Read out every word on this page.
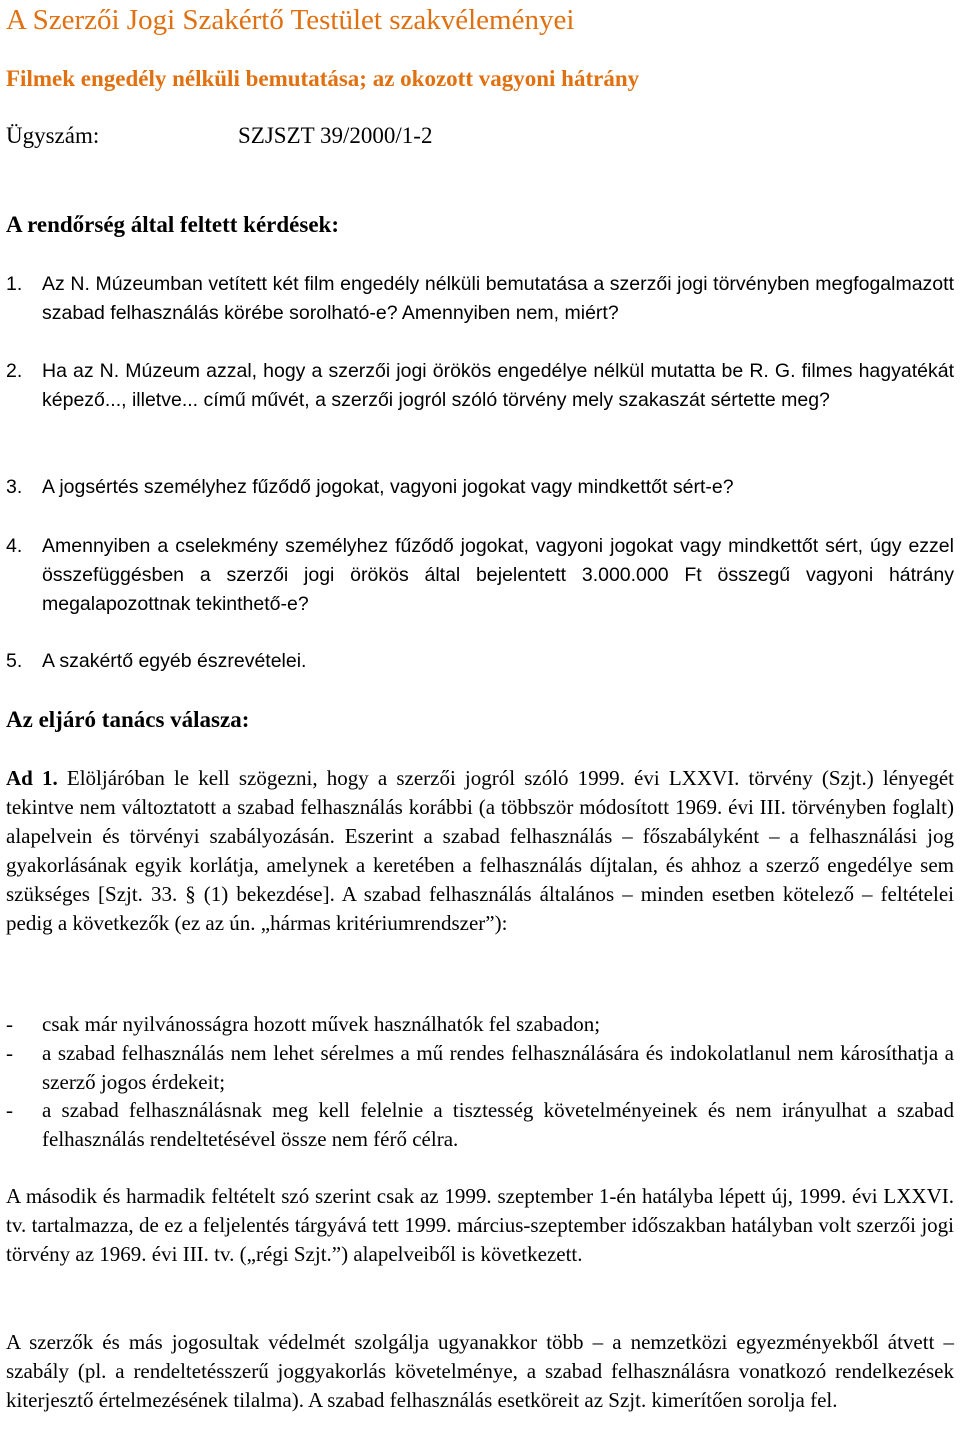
A Szerzői Jogi Szakértő Testület szakvéleményei
Filmek engedély nélküli bemutatása; az okozott vagyoni hátrány
Ügyszám:	SZJSZT 39/2000/1-2
A rendőrség által feltett kérdések:
1. Az N. Múzeumban vetített két film engedély nélküli bemutatása a szerzői jogi törvényben megfogalmazott szabad felhasználás körébe sorolható-e? Amennyiben nem, miért?
2. Ha az N. Múzeum azzal, hogy a szerzői jogi örökös engedélye nélkül mutatta be R. G. filmes hagyatékát képező..., illetve... című művét, a szerzői jogról szóló törvény mely szakaszát sértette meg?
3. A jogsértés személyhez fűződő jogokat, vagyoni jogokat vagy mindkettőt sért-e?
4. Amennyiben a cselekmény személyhez fűződő jogokat, vagyoni jogokat vagy mindkettőt sért, úgy ezzel összefüggésben a szerzői jogi örökös által bejelentett 3.000.000 Ft összegű vagyoni hátrány megalapozottnak tekinthető-e?
5. A szakértő egyéb észrevételei.
Az eljáró tanács válasza:

Ad 1. Elöljáróban le kell szögezni, hogy a szerzői jogról szóló 1999. évi LXXVI. törvény (Szjt.) lényegét tekintve nem változtatott a szabad felhasználás korábbi (a többször módosított 1969. évi III. törvényben foglalt) alapelvein és törvényi szabályozásán. Eszerint a szabad felhasználás – főszabályként – a felhasználási jog gyakorlásának egyik korlátja, amelynek a keretében a felhasználás díjtalan, és ahhoz a szerző engedélye sem szükséges [Szjt. 33. § (1) bekezdése]. A szabad felhasználás általános – minden esetben kötelező – feltételei pedig a következők (ez az ún. „hármas kritériumrendszer”):

- csak már nyilvánosságra hozott művek használhatók fel szabadon;
- a szabad felhasználás nem lehet sérelmes a mű rendes felhasználására és indokolatlanul nem károsíthatja a szerző jogos érdekeit;
- a szabad felhasználásnak meg kell felelnie a tisztesség követelményeinek és nem irányulhat a szabad felhasználás rendeltetésével össze nem férő célra.

A második és harmadik feltételt szó szerint csak az 1999. szeptember 1-én hatályba lépett új, 1999. évi LXXVI. tv. tartalmazza, de ez a feljelentés tárgyává tett 1999. március-szeptember időszakban hatályban volt szerzői jogi törvény az 1969. évi III. tv. („régi Szjt.”) alapelveiből is következett.

A szerzők és más jogosultak védelmét szolgálja ugyanakkor több – a nemzetközi egyezményekből átvett – szabály (pl. a rendeltetésszerű joggyakorlás követelménye, a szabad felhasználásra vonatkozó rendelkezések kiterjesztő értelmezésének tilalma). A szabad felhasználás esetköreit az Szjt. kimerítően sorolja fel.
